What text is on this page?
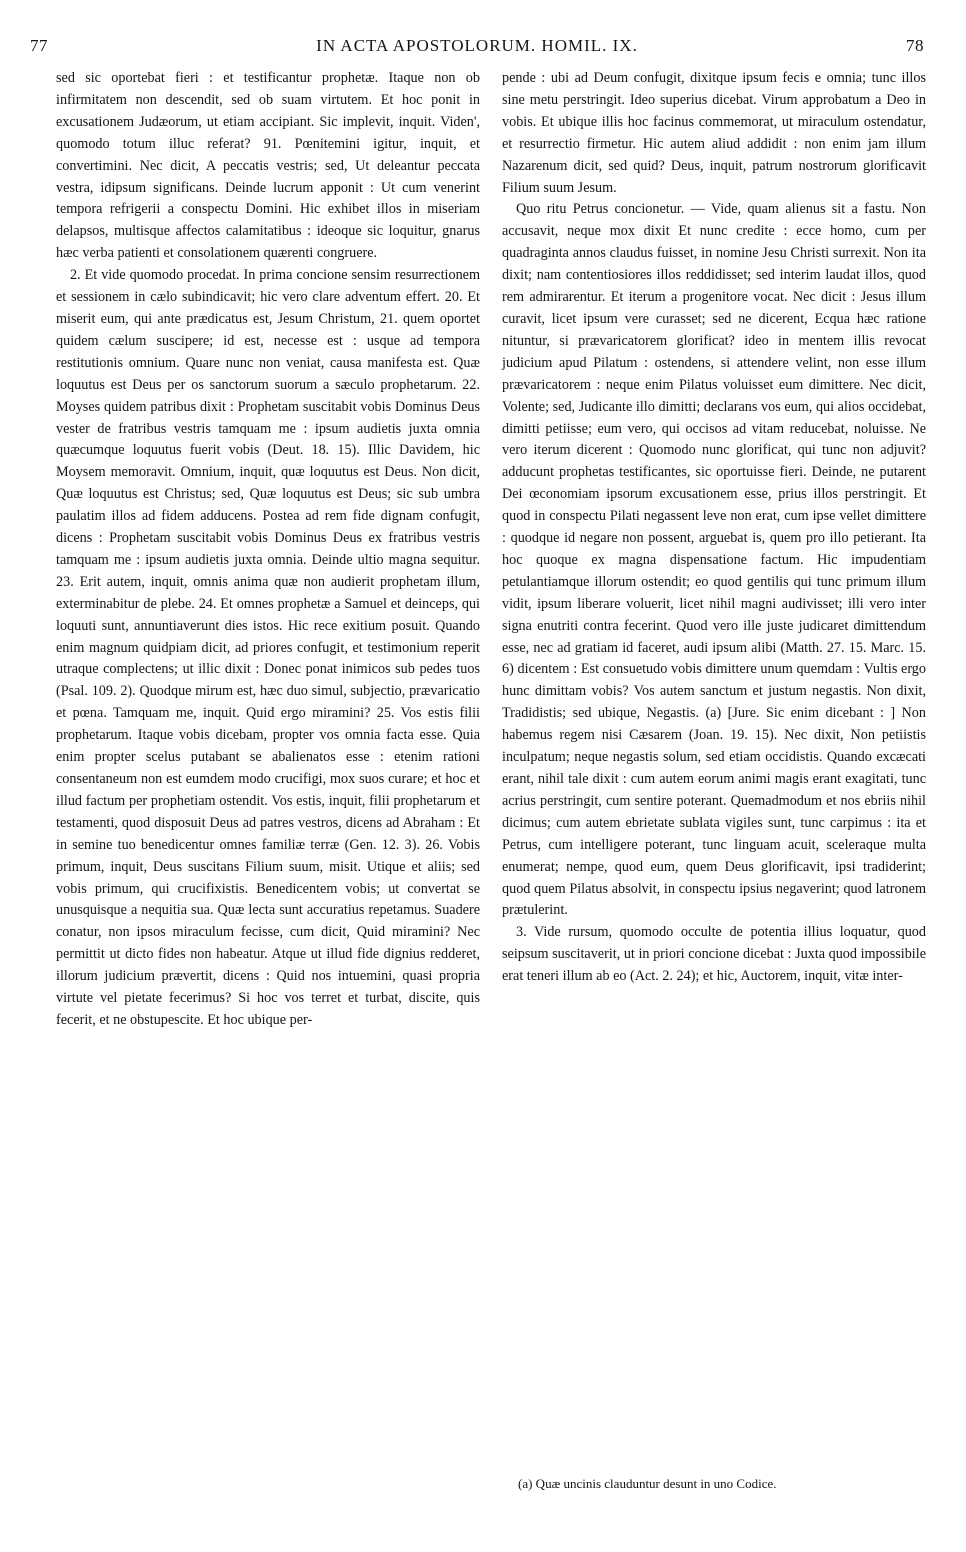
77	IN ACTA APOSTOLORUM. HOMIL. IX.	78

sed sic oportebat fieri : et testificantur prophetæ. Itaque non ob infirmitatem non descendit, sed ob suam virtutem. Et hoc ponit in excusationem Judæorum, ut etiam accipiant. Sic implevit, inquit. Viden', quomodo totum illuc referat? 91. Pœnitemini igitur, inquit, et convertimini. Nec dicit, A peccatis vestris; sed, Ut deleantur peccata vestra, idipsum significans. Deinde lucrum apponit : Ut cum venerint tempora refrigerii a conspectu Domini. Hic exhibet illos in miseriam delapsos, multisque affectos calamitatibus : ideoque sic loquitur, gnarus hæc verba patienti et consolationem quærenti congruere.

2. Et vide quomodo procedat. In prima concione sensim resurrectionem et sessionem in cælo subindicavit; hic vero clare adventum effert. 20. Et miserit eum, qui ante prædicatus est, Jesum Christum, 21. quem oportet quidem cælum suscipere; id est, necesse est : usque ad tempora restitutionis omnium. Quare nunc non veniat, causa manifesta est. Quæ loquutus est Deus per os sanctorum suorum a sæculo prophetarum. 22. Moyses quidem patribus dixit : Prophetam suscitabit vobis Dominus Deus vester de fratribus vestris tamquam me : ipsum audietis juxta omnia quæcumque loquutus fuerit vobis (Deut. 18. 15). Illic Davidem, hic Moysem memoravit. Omnium, inquit, quæ loquutus est Deus. Non dicit, Quæ loquutus est Christus; sed, Quæ loquutus est Deus; sic sub umbra paulatim illos ad fidem adducens. Postea ad rem fide dignam confugit, dicens : Prophetam suscitabit vobis Dominus Deus ex fratribus vestris tamquam me : ipsum audietis juxta omnia. Deinde ultio magna sequitur. 23. Erit autem, inquit, omnis anima quæ non audierit prophetam illum, exterminabitur de plebe. 24. Et omnes prophetæ a Samuel et deinceps, qui loquuti sunt, annuntiaverunt dies istos. Hic rece exitium posuit. Quando enim magnum quidpiam dicit, ad priores confugit, et testimonium reperit utraque complectens; ut illic dixit : Donec ponat inimicos sub pedes tuos (Psal. 109. 2). Quodque mirum est, hæc duo simul, subjectio, prævaricatio et pœna. Tamquam me, inquit. Quid ergo miramini? 25. Vos estis filii prophetarum. Itaque vobis dicebam, propter vos omnia facta esse. Quia enim propter scelus putabant se abalienatos esse : etenim rationi consentaneum non est eumdem modo crucifigi, mox suos curare; et hoc et illud factum per prophetiam ostendit. Vos estis, inquit, filii prophetarum et testamenti, quod disposuit Deus ad patres vestros, dicens ad Abraham : Et in semine tuo benedicentur omnes familiæ terræ (Gen. 12. 3). 26. Vobis primum, inquit, Deus suscitans Filium suum, misit. Utique et aliis; sed vobis primum, qui crucifixistis. Benedicentem vobis; ut convertat se unusquisque a nequitia sua. Quæ lecta sunt accuratius repetamus. Suadere conatur, non ipsos miraculum fecisse, cum dicit, Quid miramini? Nec permittit ut dicto fides non habeatur. Atque ut illud fide dignius redderet, illorum judicium prævertit, dicens : Quid nos intuemini, quasi propria virtute vel pietate fecerimus? Si hoc vos terret et turbat, discite, quis fecerit, et ne obstupescite. Et hoc ubique per-

pende : ubi ad Deum confugit, dixitque ipsum fecis e omnia; tunc illos sine metu perstringit. Ideo superius dicebat. Virum approbatum a Deo in vobis. Et ubique illis hoc facinus commemorat, ut miraculum ostendatur, et resurrectio firmetur. Hic autem aliud addidit : non enim jam illum Nazarenum dicit, sed quid? Deus, inquit, patrum nostrorum glorificavit Filium suum Jesum.

Quo ritu Petrus concionetur. — Vide, quam alienus sit a fastu. Non accusavit, neque mox dixit Et nunc credite : ecce homo, cum per quadraginta annos claudus fuisset, in nomine Jesu Christi surrexit. Non ita dixit; nam contentiosiores illos reddidisset; sed interim laudat illos, quod rem admirarentur. Et iterum a progenitore vocat. Nec dicit : Jesus illum curavit, licet ipsum vere curasset; sed ne dicerent, Ecqua hæc ratione nituntur, si prævaricatorem glorificat? ideo in mentem illis revocat judicium apud Pilatum : ostendens, si attendere velint, non esse illum prævaricatorem : neque enim Pilatus voluisset eum dimittere. Nec dicit, Volente; sed, Judicante illo dimitti; declarans vos eum, qui alios occidebat, dimitti petiisse; eum vero, qui occisos ad vitam reducebat, noluisse. Ne vero iterum dicerent : Quomodo nunc glorificat, qui tunc non adjuvit? adducunt prophetas testificantes, sic oportuisse fieri. Deinde, ne putarent Dei œconomiam ipsorum excusationem esse, prius illos perstringit. Et quod in conspectu Pilati negassent leve non erat, cum ipse vellet dimittere : quodque id negare non possent, arguebat is, quem pro illo petierant. Ita hoc quoque ex magna dispensatione factum. Hic impudentiam petulantiamque illorum ostendit; eo quod gentilis qui tunc primum illum vidit, ipsum liberare voluerit, licet nihil magni audivisset; illi vero inter signa enutriti contra fecerint. Quod vero ille juste judicaret dimittendum esse, nec ad gratiam id faceret, audi ipsum alibi (Matth. 27. 15. Marc. 15. 6) dicentem : Est consuetudo vobis dimittere unum quemdam : Vultis ergo hunc dimittam vobis? Vos autem sanctum et justum negastis. Non dixit, Tradidistis; sed ubique, Negastis. (a) [Jure. Sic enim dicebant : ] Non habemus regem nisi Cæsarem (Joan. 19. 15). Nec dixit, Non petiistis inculpatum; neque negastis solum, sed etiam occidistis. Quando excæcati erant, nihil tale dixit : cum autem eorum animi magis erant exagitati, tunc acrius perstringit, cum sentire poterant. Quemadmodum et nos ebriis nihil dicimus; cum autem ebrietate sublata vigiles sunt, tunc carpimus : ita et Petrus, cum intelligere poterant, tunc linguam acuit, sceleraque multa enumerat; nempe, quod eum, quem Deus glorificavit, ipsi tradiderint; quod quem Pilatus absolvit, in conspectu ipsius negaverint; quod latronem prætulerint.

3. Vide rursum, quomodo occulte de potentia illius loquatur, quod seipsum suscitaverit, ut in priori concione dicebat : Juxta quod impossibile erat teneri illum ab eo (Act. 2. 24); et hic, Auctorem, inquit, vitæ inter-

(a) Quæ uncinis clauduntur desunt in uno Codice.
